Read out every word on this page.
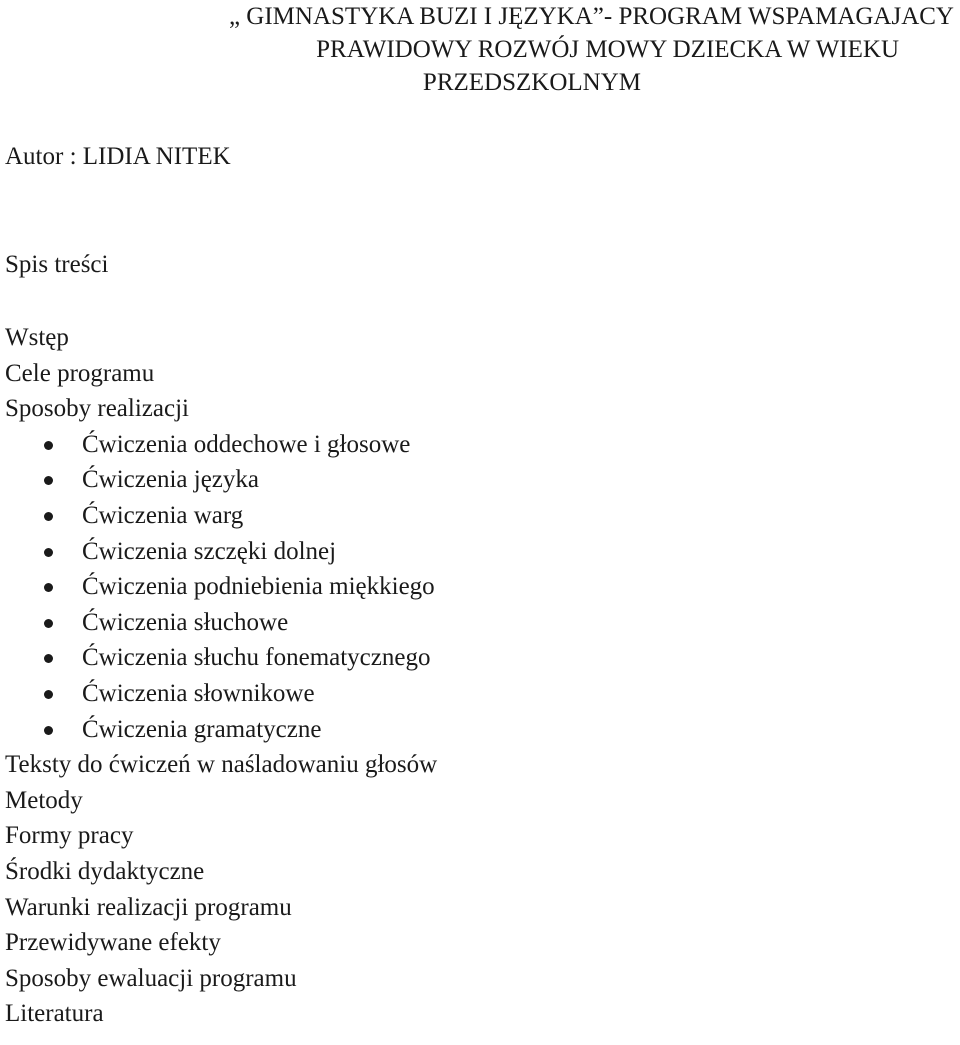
„ GIMNASTYKA BUZI I JĘZYKA”- PROGRAM WSPAMAGAJACY
PRAWIDOWY ROZWÓJ MOWY DZIECKA W WIEKU
PRZEDSZKOLNYM

Autor : LIDIA NITEK

Spis treści
Wstęp
Cele programu
Sposoby realizacji
Ćwiczenia oddechowe i głosowe
Ćwiczenia języka
Ćwiczenia warg
Ćwiczenia szczęki dolnej
Ćwiczenia podniebienia miękkiego
Ćwiczenia słuchowe
Ćwiczenia słuchu fonematycznego
Ćwiczenia słownikowe
Ćwiczenia gramatyczne
Teksty do ćwiczeń w naśladowaniu głosów
Metody
Formy pracy
Środki dydaktyczne
Warunki realizacji programu
Przewidywane efekty
Sposoby ewaluacji programu
Literatura
